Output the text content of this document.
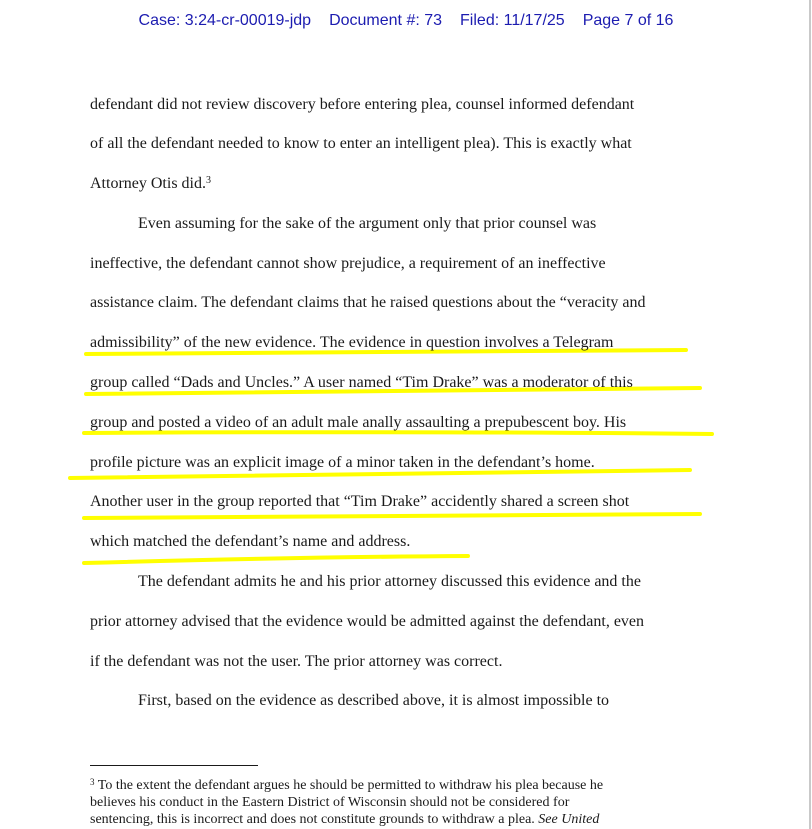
Case: 3:24-cr-00019-jdp Document #: 73 Filed: 11/17/25 Page 7 of 16
defendant did not review discovery before entering plea, counsel informed defendant
of all the defendant needed to know to enter an intelligent plea). This is exactly what
Attorney Otis did.$^3$
Even assuming for the sake of the argument only that prior counsel was
ineffective, the defendant cannot show prejudice, a requirement of an ineffective
assistance claim. The defendant claims that he raised questions about the “veracity and
admissibility” of the new evidence. The evidence in question involves a Telegram
group called “Dads and Uncles.” A user named “Tim Drake” was a moderator of this
group and posted a video of an adult male anally assaulting a prepubescent boy. His
profile picture was an explicit image of a minor taken in the defendant’s home.
Another user in the group reported that “Tim Drake” accidently shared a screen shot
which matched the defendant’s name and address.
The defendant admits he and his prior attorney discussed this evidence and the
prior attorney advised that the evidence would be admitted against the defendant, even
if the defendant was not the user. The prior attorney was correct.
First, based on the evidence as described above, it is almost impossible to
$^3$ To the extent the defendant argues he should be permitted to withdraw his plea because he
believes his conduct in the Eastern District of Wisconsin should not be considered for
sentencing, this is incorrect and does not constitute grounds to withdraw a plea. See United
